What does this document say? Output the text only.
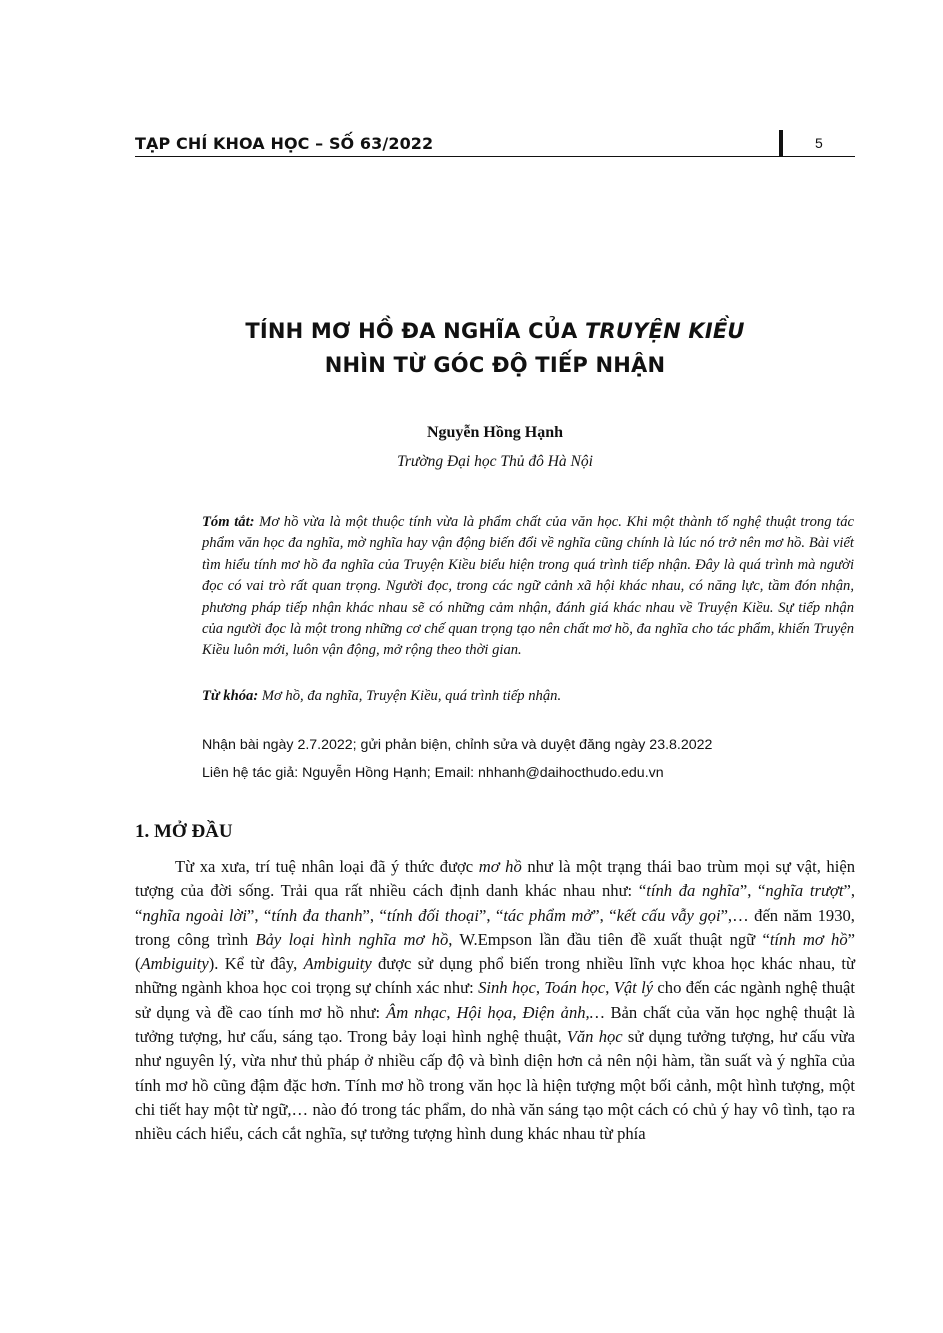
TẠP CHÍ KHOA HỌC – SỐ 63/2022	5
TÍNH MƠ HỒ ĐA NGHĨA CỦA TRUYỆN KIỀU
NHÌN TỪ GÓC ĐỘ TIẾP NHẬN
Nguyễn Hồng Hạnh
Trường Đại học Thủ đô Hà Nội
Tóm tắt: Mơ hồ vừa là một thuộc tính vừa là phẩm chất của văn học. Khi một thành tố nghệ thuật trong tác phẩm văn học đa nghĩa, mờ nghĩa hay vận động biến đổi về nghĩa cũng chính là lúc nó trở nên mơ hồ. Bài viết tìm hiểu tính mơ hồ đa nghĩa của Truyện Kiều biểu hiện trong quá trình tiếp nhận. Đây là quá trình mà người đọc có vai trò rất quan trọng. Người đọc, trong các ngữ cảnh xã hội khác nhau, có năng lực, tầm đón nhận, phương pháp tiếp nhận khác nhau sẽ có những cảm nhận, đánh giá khác nhau về Truyện Kiều. Sự tiếp nhận của người đọc là một trong những cơ chế quan trọng tạo nên chất mơ hồ, đa nghĩa cho tác phẩm, khiến Truyện Kiều luôn mới, luôn vận động, mở rộng theo thời gian.
Từ khóa: Mơ hồ, đa nghĩa, Truyện Kiều, quá trình tiếp nhận.
Nhận bài ngày 2.7.2022; gửi phản biện, chỉnh sửa và duyệt đăng ngày 23.8.2022
Liên hệ tác giả: Nguyễn Hồng Hạnh; Email: nhhanh@daihocthudo.edu.vn
1. MỞ ĐẦU

Từ xa xưa, trí tuệ nhân loại đã ý thức được mơ hồ như là một trạng thái bao trùm mọi sự vật, hiện tượng của đời sống. Trải qua rất nhiều cách định danh khác nhau như: “tính đa nghĩa”, “nghĩa trượt”, “nghĩa ngoài lời”, “tính đa thanh”, “tính đối thoại”, “tác phẩm mở”, “kết cấu vẫy gọi”,… đến năm 1930, trong công trình Bảy loại hình nghĩa mơ hồ, W.Empson lần đầu tiên đề xuất thuật ngữ “tính mơ hồ” (Ambiguity). Kể từ đây, Ambiguity được sử dụng phổ biến trong nhiều lĩnh vực khoa học khác nhau, từ những ngành khoa học coi trọng sự chính xác như: Sinh học, Toán học, Vật lý cho đến các ngành nghệ thuật sử dụng và đề cao tính mơ hồ như: Âm nhạc, Hội họa, Điện ảnh,… Bản chất của văn học nghệ thuật là tưởng tượng, hư cấu, sáng tạo. Trong bảy loại hình nghệ thuật, Văn học sử dụng tưởng tượng, hư cấu vừa như nguyên lý, vừa như thủ pháp ở nhiều cấp độ và bình diện hơn cả nên nội hàm, tần suất và ý nghĩa của tính mơ hồ cũng đậm đặc hơn. Tính mơ hồ trong văn học là hiện tượng một bối cảnh, một hình tượng, một chi tiết hay một từ ngữ,… nào đó trong tác phẩm, do nhà văn sáng tạo một cách có chủ ý hay vô tình, tạo ra nhiều cách hiểu, cách cắt nghĩa, sự tưởng tượng hình dung khác nhau từ phía
